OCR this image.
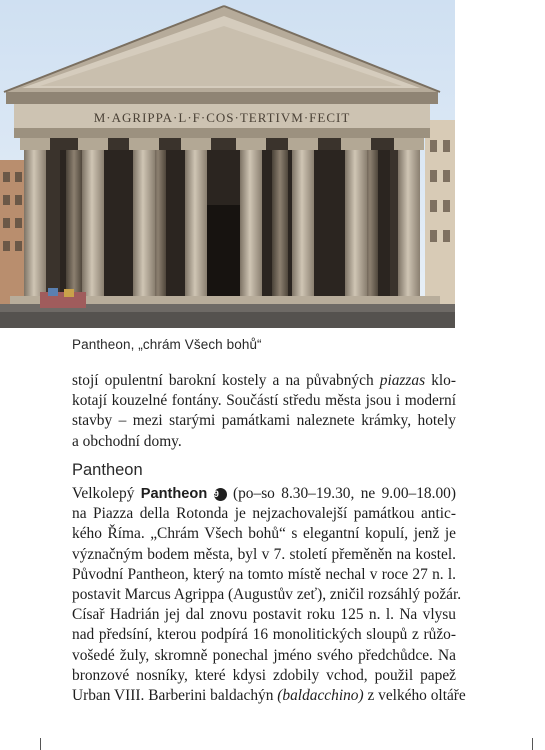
M·AGRIPPA·L·F·COS·TERTIVM·FECIT
Pantheon, „chrám Všech bohů“

stojí opulentní barokní kostely a na půvabných piazzas klo-
kotají kouzelné fontány. Součástí středu města jsou i moderní
stavby – mezi starými památkami naleznete krámky, hotely
a obchodní domy.

Pantheon

Velkolepý Pantheon 9 (po–so 8.30–19.30, ne 9.00–18.00)
na Piazza della Rotonda je nejzachovalejší památkou antic-
kého Říma. „Chrám Všech bohů“ s elegantní kopulí, jenž je
význačným bodem města, byl v 7. století přeměněn na kostel.
Původní Pantheon, který na tomto místě nechal v roce 27 n. l.
postavit Marcus Agrippa (Augustův zeť), zničil rozsáhlý požár.
Císař Hadrián jej dal znovu postavit roku 125 n. l. Na vlysu
nad předsíní, kterou podpírá 16 monolitických sloupů z růžo-
vošedé žuly, skromně ponechal jméno svého předchůdce. Na
bronzové nosníky, které kdysi zdobily vchod, použil papež
Urban VIII. Barberini baldachýn (baldacchino) z velkého oltáře
